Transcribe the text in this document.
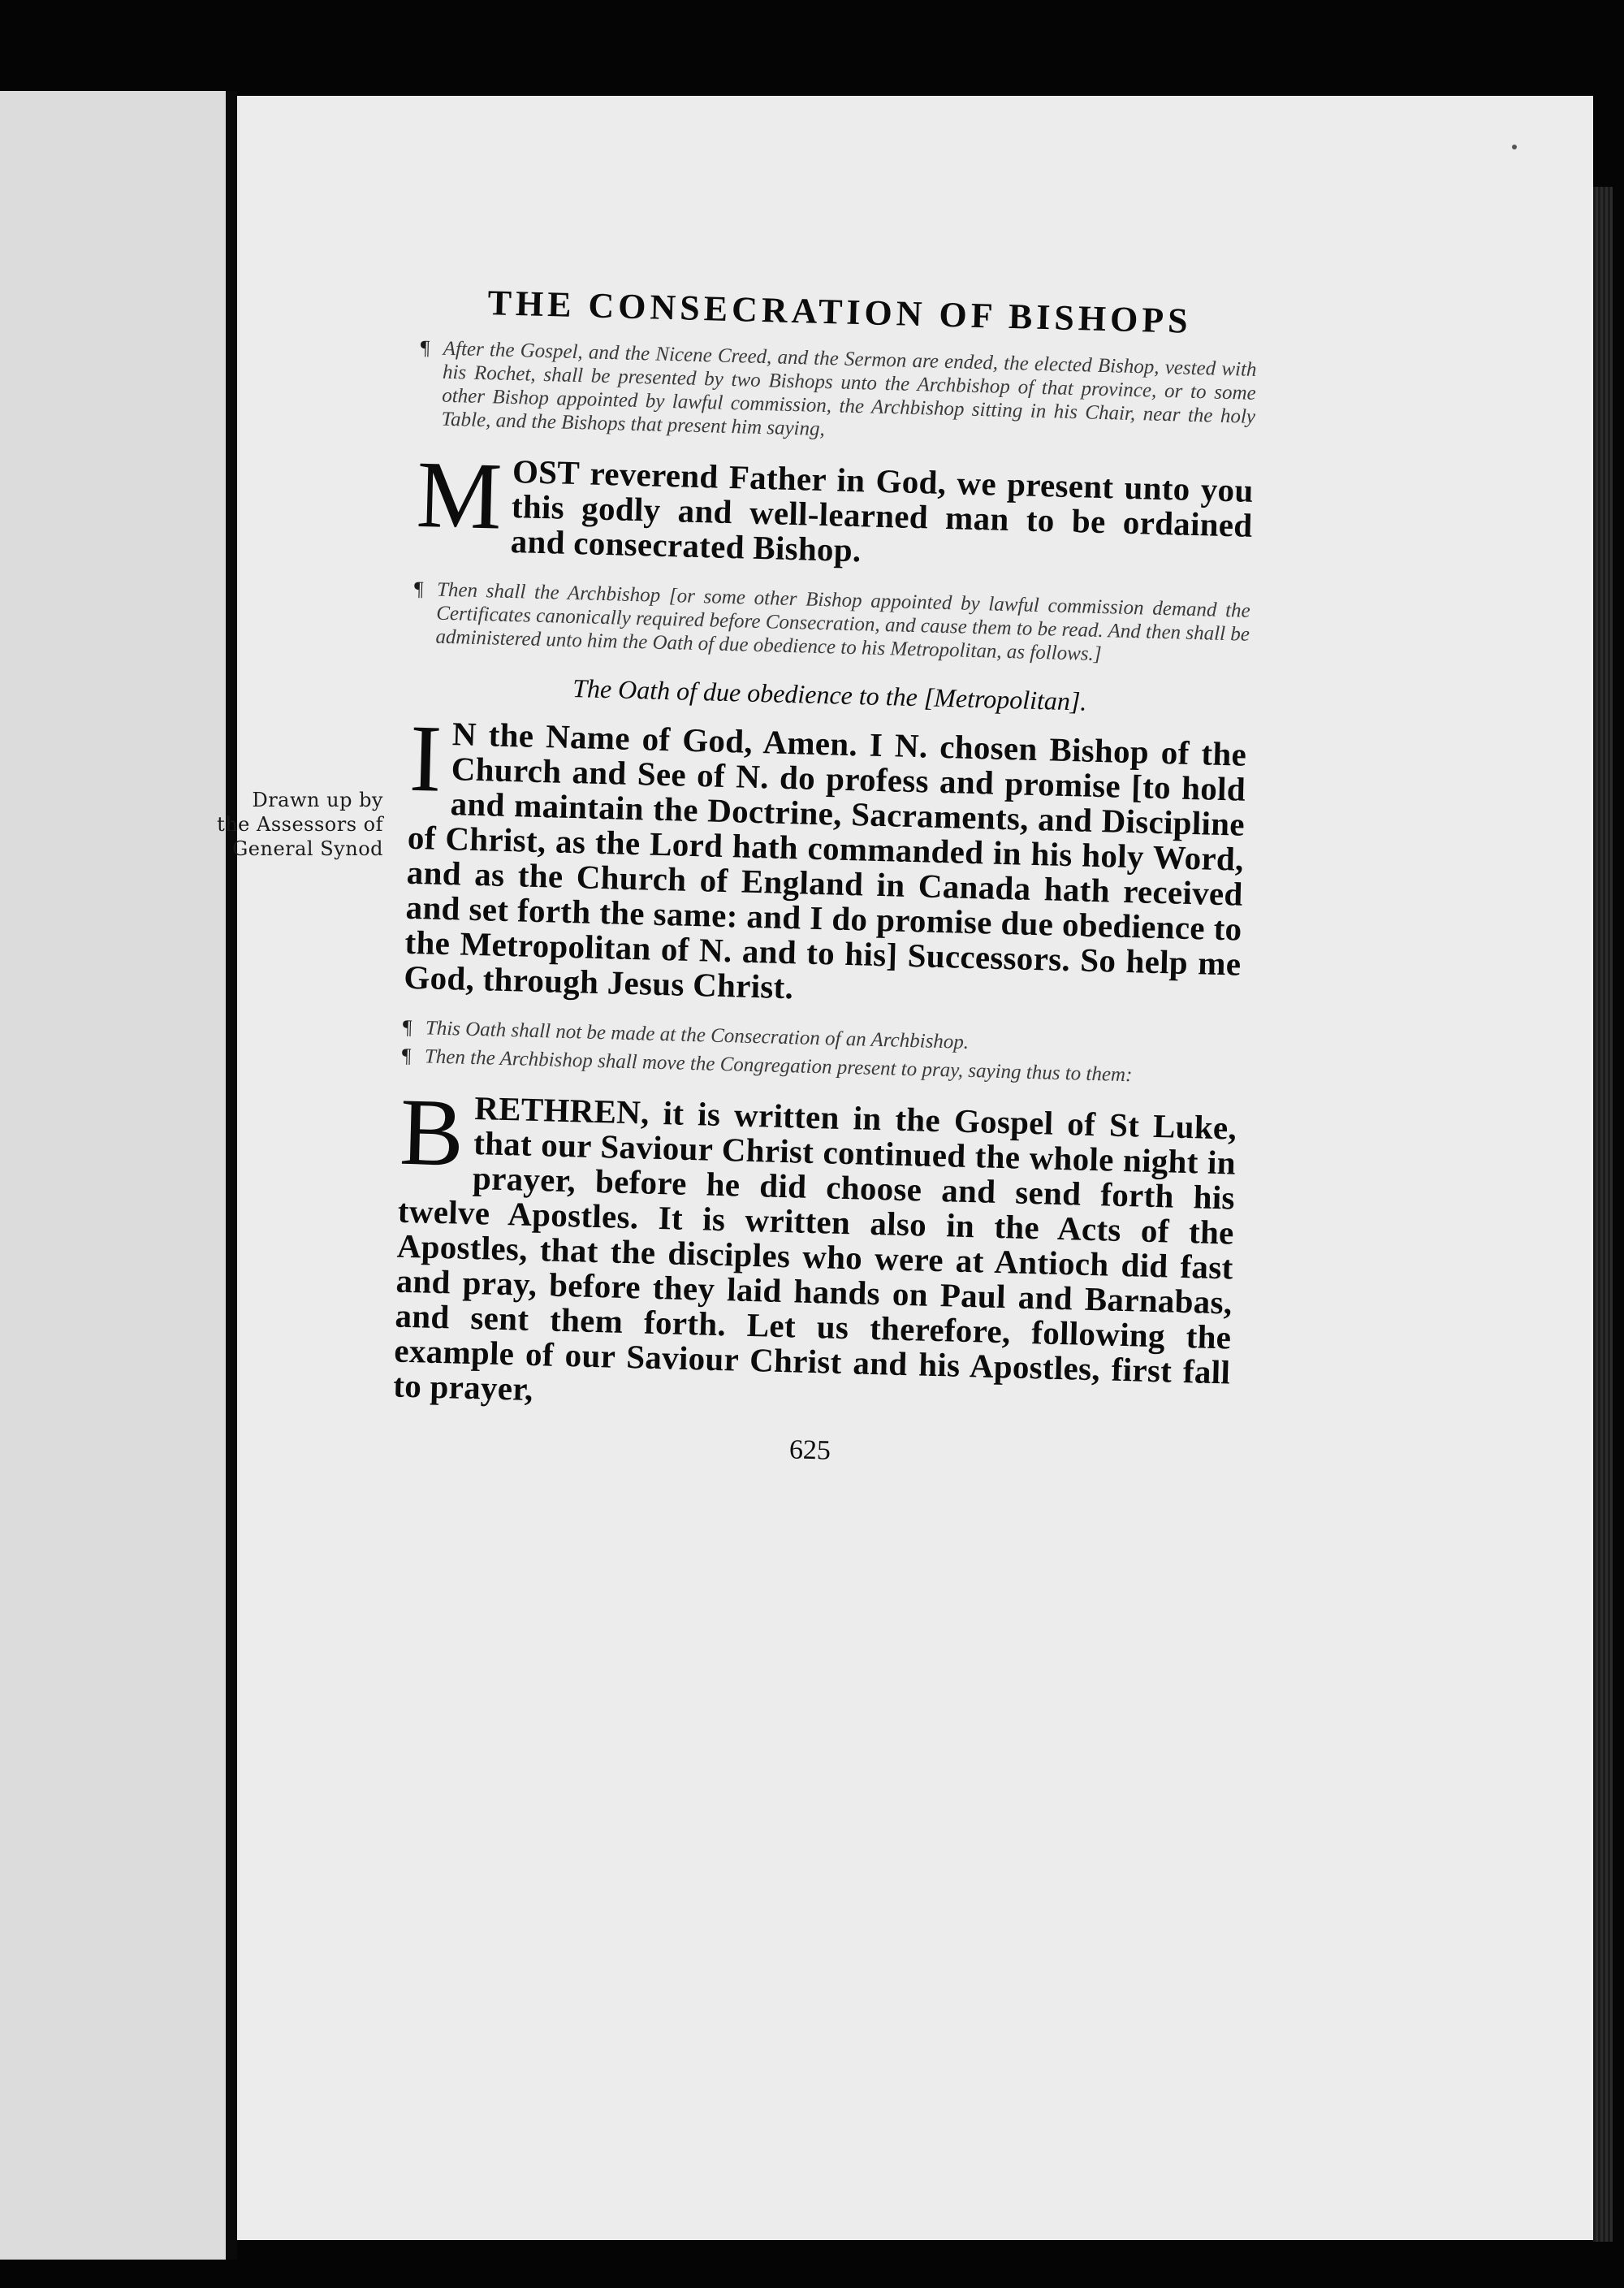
Drawn up by
the Assessors of
General Synod
THE CONSECRATION OF BISHOPS

¶ After the Gospel, and the Nicene Creed, and the Sermon are ended, the elected Bishop, vested with his Rochet, shall be presented by two Bishops unto the Archbishop of that province, or to some other Bishop appointed by lawful commission, the Archbishop sitting in his Chair, near the holy Table, and the Bishops that present him saying,

MOST reverend Father in God, we present unto you this godly and well-learned man to be ordained and consecrated Bishop.

¶ Then shall the Archbishop [or some other Bishop appointed by lawful commission demand the Certificates canonically required before Consecration, and cause them to be read. And then shall be administered unto him the Oath of due obedience to his Metropolitan, as follows.]

The Oath of due obedience to the [Metropolitan].

I N the Name of God, Amen. I N. chosen Bishop of the Church and See of N. do profess and promise [to hold and maintain the Doctrine, Sacraments, and Discipline of Christ, as the Lord hath commanded in his holy Word, and as the Church of England in Canada hath received and set forth the same: and I do promise due obedience to the Metropolitan of N. and to his] Successors. So help me God, through Jesus Christ.

¶ This Oath shall not be made at the Consecration of an Archbishop.

¶ Then the Archbishop shall move the Congregation present to pray, saying thus to them:

BRETHREN, it is written in the Gospel of St Luke, that our Saviour Christ continued the whole night in prayer, before he did choose and send forth his twelve Apostles. It is written also in the Acts of the Apostles, that the disciples who were at Antioch did fast and pray, before they laid hands on Paul and Barnabas, and sent them forth. Let us therefore, following the example of our Saviour Christ and his Apostles, first fall to prayer,

625
